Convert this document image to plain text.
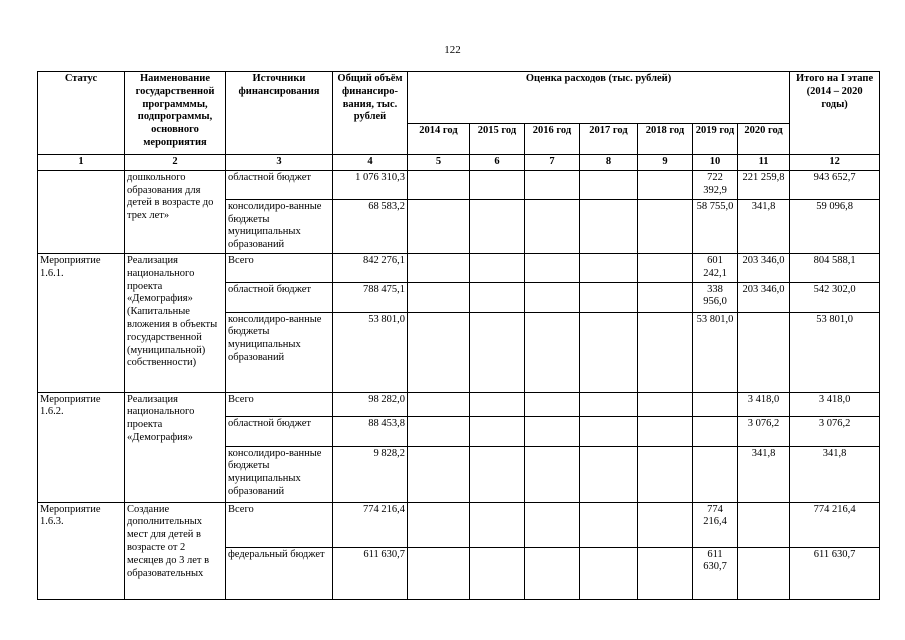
122
Статус	Наименование государственной программмы, подпрограммы, основного мероприятия	Источники финансирования	Общий объём финансиро-вания, тыс. рублей	Оценка расходов (тыс. рублей)							Итого на I этапе (2014 – 2020 годы)
				2014 год	2015 год	2016 год	2017 год	2018 год	2019 год	2020 год	
1	2	3	4	5	6	7	8	9	10	11	12
	дошкольного образования для детей в возрасте до трех лет»	областной бюджет	1 076 310,3						722 392,9	221 259,8	943 652,7
		консолидиро-ванные бюджеты муниципальных образований	68 583,2						58 755,0	341,8	59 096,8
Мероприятие 1.6.1.	Реализация национального проекта «Демография» (Капитальные вложения в объекты государственной (муниципальной) собственности)	Всего	842 276,1						601 242,1	203 346,0	804 588,1
		областной бюджет	788 475,1						338 956,0	203 346,0	542 302,0
		консолидиро-ванные бюджеты муниципальных образований	53 801,0						53 801,0		53 801,0
Мероприятие 1.6.2.	Реализация национального проекта «Демография»	Всего	98 282,0							3 418,0	3 418,0
		областной бюджет	88 453,8							3 076,2	3 076,2
		консолидиро-ванные бюджеты муниципальных образований	9 828,2							341,8	341,8
Мероприятие 1.6.3.	Создание дополнительных мест для детей в возрасте от 2 месяцев до 3 лет в образовательных	Всего	774 216,4						774 216,4		774 216,4
		федеральный бюджет	611 630,7						611 630,7		611 630,7
